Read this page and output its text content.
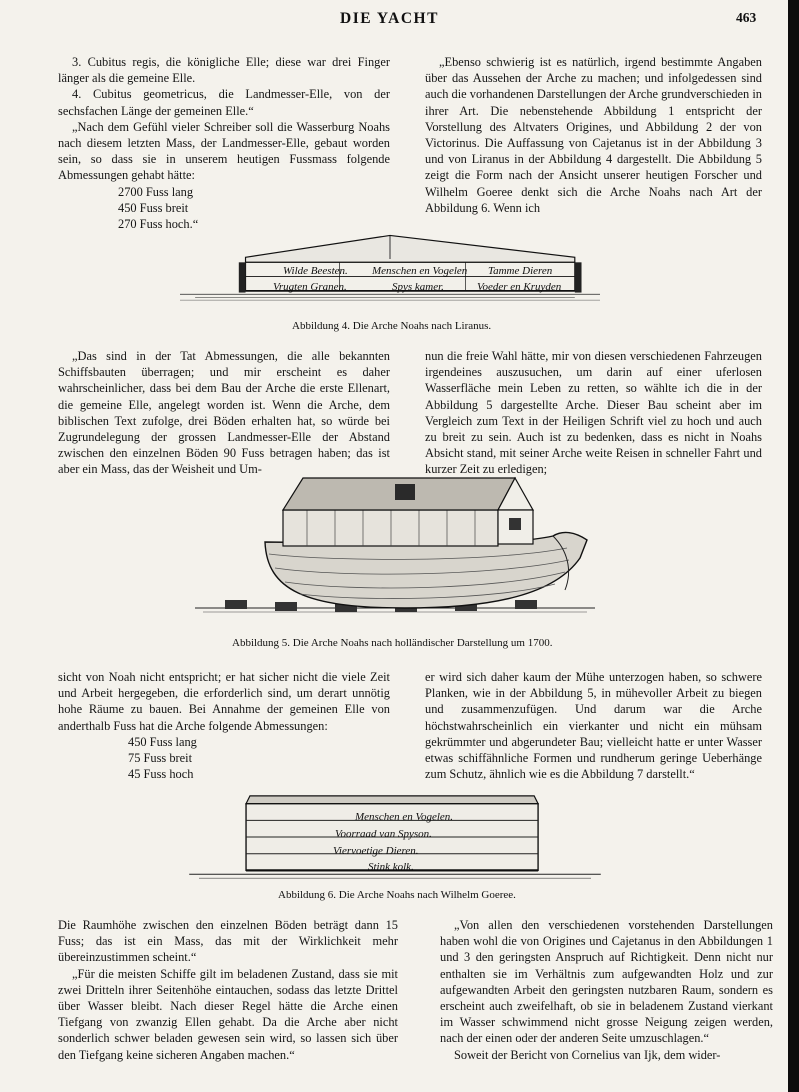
DIE YACHT	463

3. Cubitus regis, die königliche Elle; diese war drei Finger länger als die gemeine Elle.

4. Cubitus geometricus, die Landmesser-Elle, von der sechsfachen Länge der gemeinen Elle.“

„Nach dem Gefühl vieler Schreiber soll die Wasserburg Noahs nach diesem letzten Mass, der Landmesser-Elle, gebaut worden sein, so dass sie in unserem heutigen Fussmass folgende Abmessungen gehabt hätte:

2700 Fuss lang
450 Fuss breit
270 Fuss hoch.“

„Ebenso schwierig ist es natürlich, irgend bestimmte Angaben über das Aussehen der Arche zu machen; und infolgedessen sind auch die vorhandenen Darstellungen der Arche grundverschieden in ihrer Art. Die nebenstehende Abbildung 1 entspricht der Vorstellung des Altvaters Origines, und Abbildung 2 der von Victorinus. Die Auffassung von Cajetanus ist in der Abbildung 3 und von Liranus in der Abbildung 4 dargestellt. Die Abbildung 5 zeigt die Form nach der Ansicht unserer heutigen Forscher und Wilhelm Goeree denkt sich die Arche Noahs nach Art der Abbildung 6. Wenn ich

Wilde Beesten. Menschen en Vogelen Tamme Dieren
Vrugten Granen.	Spys kamer.	Voeder en Kruyden
Abbildung 4. Die Arche Noahs nach Liranus.

„Das sind in der Tat Abmessungen, die alle bekannten Schiffsbauten überragen; und mir erscheint es daher wahrscheinlicher, dass bei dem Bau der Arche die erste Ellenart, die gemeine Elle, angelegt worden ist. Wenn die Arche, dem biblischen Text zufolge, drei Böden erhalten hat, so würde bei Zugrundelegung der grossen Landmesser-Elle der Abstand zwischen den einzelnen Böden 90 Fuss betragen haben; das ist aber ein Mass, das der Weisheit und Um-

nun die freie Wahl hätte, mir von diesen verschiedenen Fahrzeugen irgendeines auszusuchen, um darin auf einer uferlosen Wasserfläche mein Leben zu retten, so wählte ich die in der Abbildung 5 dargestellte Arche. Dieser Bau scheint aber im Vergleich zum Text in der Heiligen Schrift viel zu hoch und auch zu breit zu sein. Auch ist zu bedenken, dass es nicht in Noahs Absicht stand, mit seiner Arche weite Reisen in schneller Fahrt und kurzer Zeit zu erledigen;

Abbildung 5. Die Arche Noahs nach holländischer Darstellung um 1700.

sicht von Noah nicht entspricht; er hat sicher nicht die viele Zeit und Arbeit hergegeben, die erforderlich sind, um derart unnötig hohe Räume zu bauen. Bei Annahme der gemeinen Elle von anderthalb Fuss hat die Arche folgende Abmessungen:

450 Fuss lang
75 Fuss breit
45 Fuss hoch

er wird sich daher kaum der Mühe unterzogen haben, so schwere Planken, wie in der Abbildung 5, in mühevoller Arbeit zu biegen und zusammenzufügen. Und darum war die Arche höchstwahrscheinlich ein vierkanter und nicht ein mühsam gekrümmter und abgerundeter Bau; vielleicht hatte er unter Wasser etwas schiffähnliche Formen und rundherum geringe Ueberhänge zum Schutz, ähnlich wie es die Abbildung 7 darstellt.“

Menschen en Vogelen.
Voorraad van Spyson.
Viervoetige Dieren.
Stink kolk.
Abbildung 6. Die Arche Noahs nach Wilhelm Goeree.

Die Raumhöhe zwischen den einzelnen Böden beträgt dann 15 Fuss; das ist ein Mass, das mit der Wirklichkeit mehr übereinzustimmen scheint.“

„Für die meisten Schiffe gilt im beladenen Zustand, dass sie mit zwei Dritteln ihrer Seitenhöhe eintauchen, sodass das letzte Drittel über Wasser bleibt. Nach dieser Regel hätte die Arche einen Tiefgang von zwanzig Ellen gehabt. Da die Arche aber nicht sonderlich schwer beladen gewesen sein wird, so lassen sich über den Tiefgang keine sicheren Angaben machen.“

„Von allen den verschiedenen vorstehenden Darstellungen haben wohl die von Origines und Cajetanus in den Abbildungen 1 und 3 den geringsten Anspruch auf Richtigkeit. Denn nicht nur enthalten sie im Verhältnis zum aufgewandten Holz und zur aufgewandten Arbeit den geringsten nutzbaren Raum, sondern es erscheint auch zweifelhaft, ob sie in beladenem Zustand vierkant im Wasser schwimmend nicht grosse Neigung zeigen werden, nach der einen oder der anderen Seite umzuschlagen.“

Soweit der Bericht von Cornelius van Ijk, dem wider-
